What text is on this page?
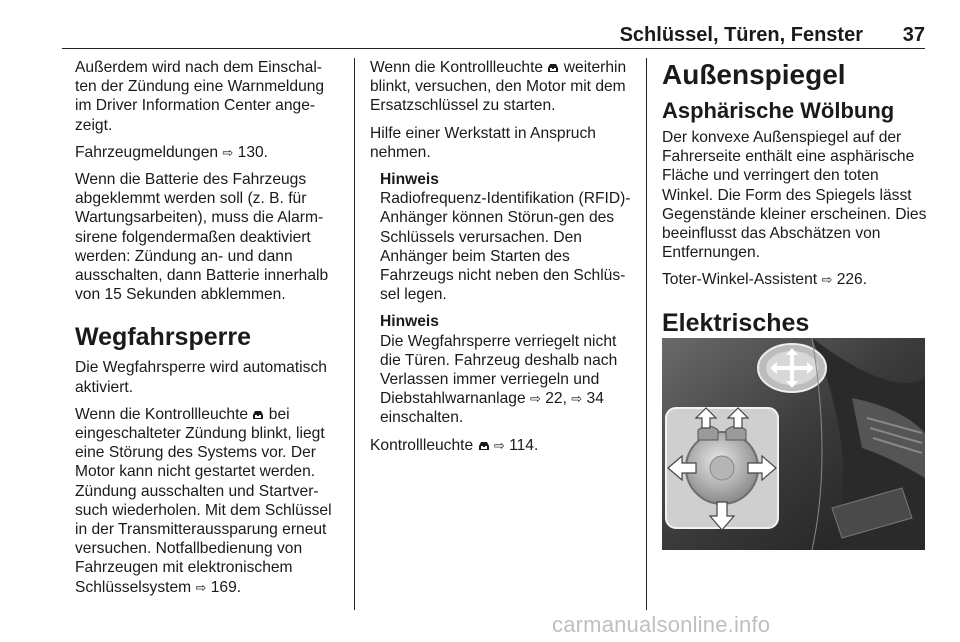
Schlüssel, Türen, Fenster 37

Außerdem wird nach dem Einschal-ten der Zündung eine Warnmeldung im Driver Information Center ange-zeigt.

Fahrzeugmeldungen ⇨ 130.

Wenn die Batterie des Fahrzeugs abgeklemmt werden soll (z. B. für Wartungsarbeiten), muss die Alarm-sirene folgendermaßen deaktiviert werden: Zündung an- und dann ausschalten, dann Batterie innerhalb von 15 Sekunden abklemmen.

Wegfahrsperre

Die Wegfahrsperre wird automatisch aktiviert.

Wenn die Kontrollleuchte bei eingeschalteter Zündung blinkt, liegt eine Störung des Systems vor. Der Motor kann nicht gestartet werden. Zündung ausschalten und Startver-such wiederholen. Mit dem Schlüssel in der Transmitteraussparung erneut versuchen. Notfallbedienung von Fahrzeugen mit elektronischem Schlüsselsystem ⇨ 169.

Wenn die Kontrollleuchte weiterhin blinkt, versuchen, den Motor mit dem Ersatzschlüssel zu starten.

Hilfe einer Werkstatt in Anspruch nehmen.

Hinweis
Radiofrequenz-Identifikation (RFID)-Anhänger können Störun-gen des Schlüssels verursachen. Den Anhänger beim Starten des Fahrzeugs nicht neben den Schlüs-sel legen.

Hinweis
Die Wegfahrsperre verriegelt nicht die Türen. Fahrzeug deshalb nach Verlassen immer verriegeln und Diebstahlwarnanlage ⇨ 22, ⇨ 34 einschalten.

Kontrollleuchte ⇨ 114.

Außenspiegel
Asphärische Wölbung

Der konvexe Außenspiegel auf der Fahrerseite enthält eine asphärische Fläche und verringert den toten Winkel. Die Form des Spiegels lässt Gegenstände kleiner erscheinen. Dies beeinflusst das Abschätzen von Entfernungen.

Toter-Winkel-Assistent ⇨ 226.

Elektrisches
carmanualsonline.info
